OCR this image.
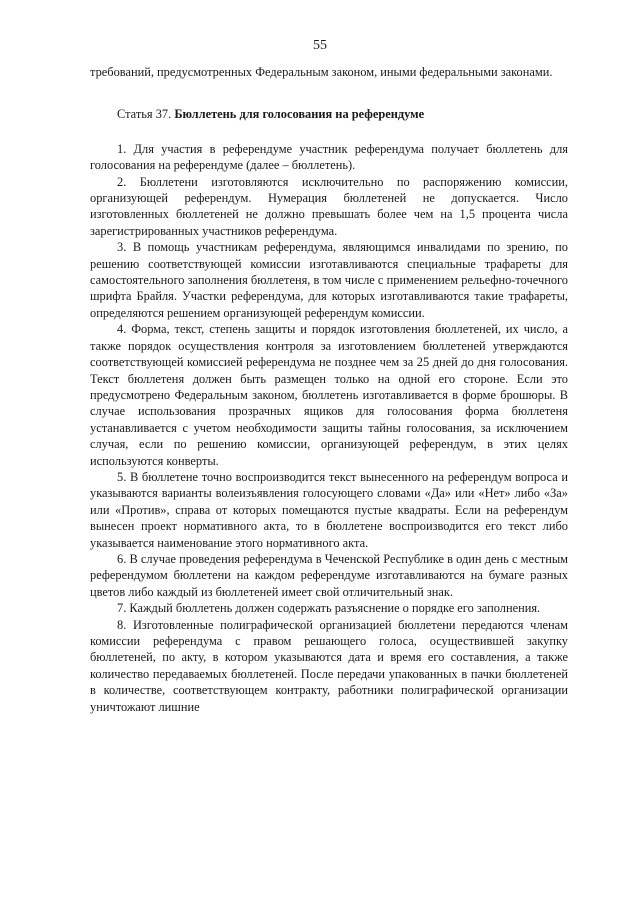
55

требований, предусмотренных Федеральным законом, иными федеральными законами.

Статья 37. Бюллетень для голосования на референдуме

1. Для участия в референдуме участник референдума получает бюллетень для голосования на референдуме (далее – бюллетень).

2. Бюллетени изготовляются исключительно по распоряжению комиссии, организующей референдум. Нумерация бюллетеней не допускается. Число изготовленных бюллетеней не должно превышать более чем на 1,5 процента числа зарегистрированных участников референдума.

3. В помощь участникам референдума, являющимся инвалидами по зрению, по решению соответствующей комиссии изготавливаются специальные трафареты для самостоятельного заполнения бюллетеня, в том числе с применением рельефно-точечного шрифта Брайля. Участки референдума, для которых изготавливаются такие трафареты, определяются решением организующей референдум комиссии.

4. Форма, текст, степень защиты и порядок изготовления бюллетеней, их число, а также порядок осуществления контроля за изготовлением бюллетеней утверждаются соответствующей комиссией референдума не позднее чем за 25 дней до дня голосования. Текст бюллетеня должен быть размещен только на одной его стороне. Если это предусмотрено Федеральным законом, бюллетень изготавливается в форме брошюры. В случае использования прозрачных ящиков для голосования форма бюллетеня устанавливается с учетом необходимости защиты тайны голосования, за исключением случая, если по решению комиссии, организующей референдум, в этих целях используются конверты.

5. В бюллетене точно воспроизводится текст вынесенного на референдум вопроса и указываются варианты волеизъявления голосующего словами «Да» или «Нет» либо «За» или «Против», справа от которых помещаются пустые квадраты. Если на референдум вынесен проект нормативного акта, то в бюллетене воспроизводится его текст либо указывается наименование этого нормативного акта.

6. В случае проведения референдума в Чеченской Республике в один день с местным референдумом бюллетени на каждом референдуме изготавливаются на бумаге разных цветов либо каждый из бюллетеней имеет свой отличительный знак.

7. Каждый бюллетень должен содержать разъяснение о порядке его заполнения.

8. Изготовленные полиграфической организацией бюллетени передаются членам комиссии референдума с правом решающего голоса, осуществившей закупку бюллетеней, по акту, в котором указываются дата и время его составления, а также количество передаваемых бюллетеней. После передачи упакованных в пачки бюллетеней в количестве, соответствующем контракту, работники полиграфической организации уничтожают лишние
